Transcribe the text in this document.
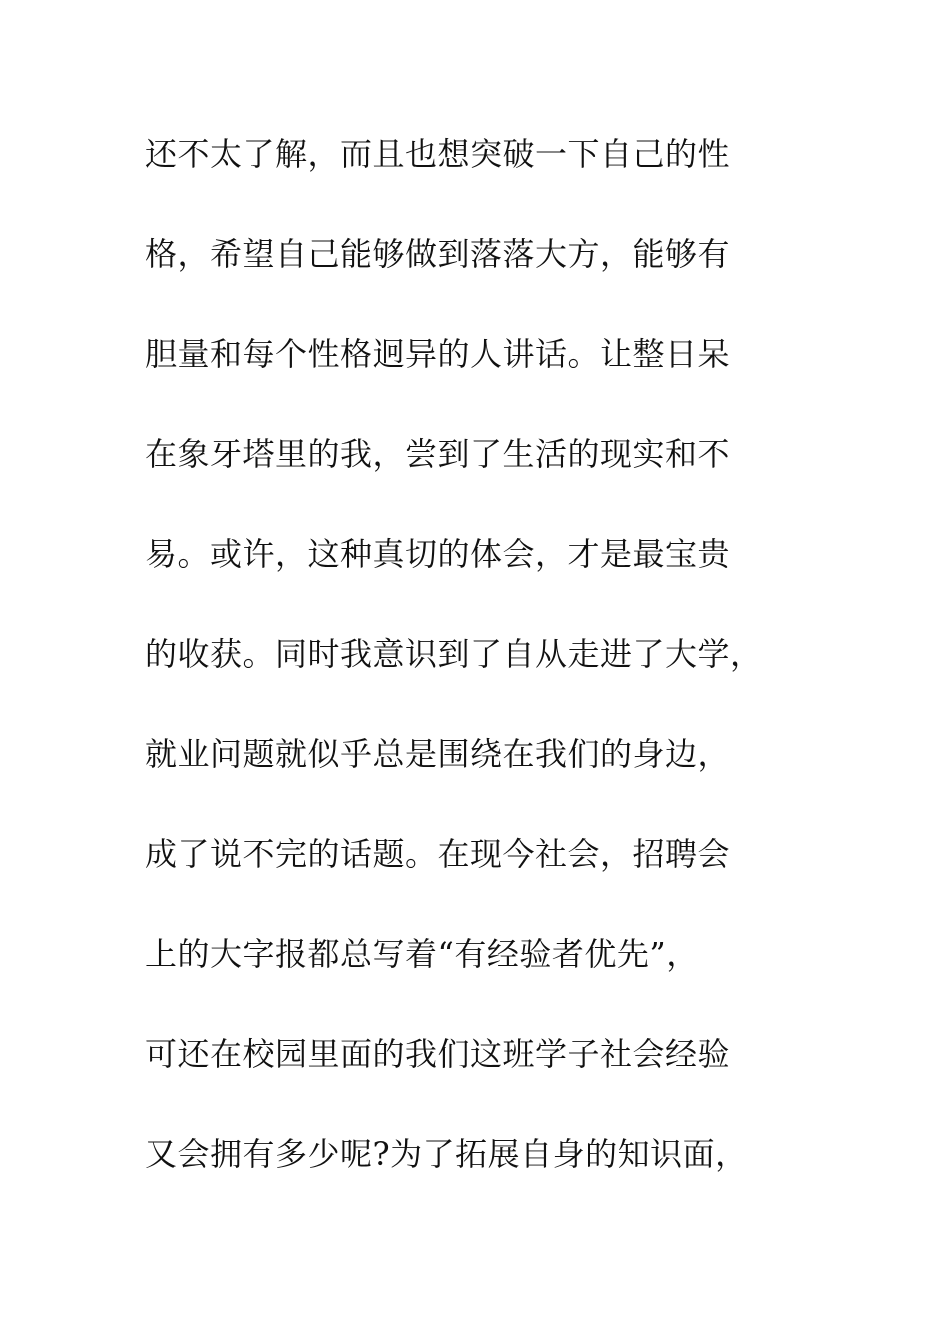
还不太了解，而且也想突破一下自己的性
格，希望自己能够做到落落大方，能够有
胆量和每个性格迥异的人讲话。让整日呆
在象牙塔里的我，尝到了生活的现实和不
易。或许，这种真切的体会，才是最宝贵
的收获。同时我意识到了自从走进了大学，
就业问题就似乎总是围绕在我们的身边，
成了说不完的话题。在现今社会，招聘会
上的大字报都总写着“有经验者优先”，
可还在校园里面的我们这班学子社会经验
又会拥有多少呢?为了拓展自身的知识面，
